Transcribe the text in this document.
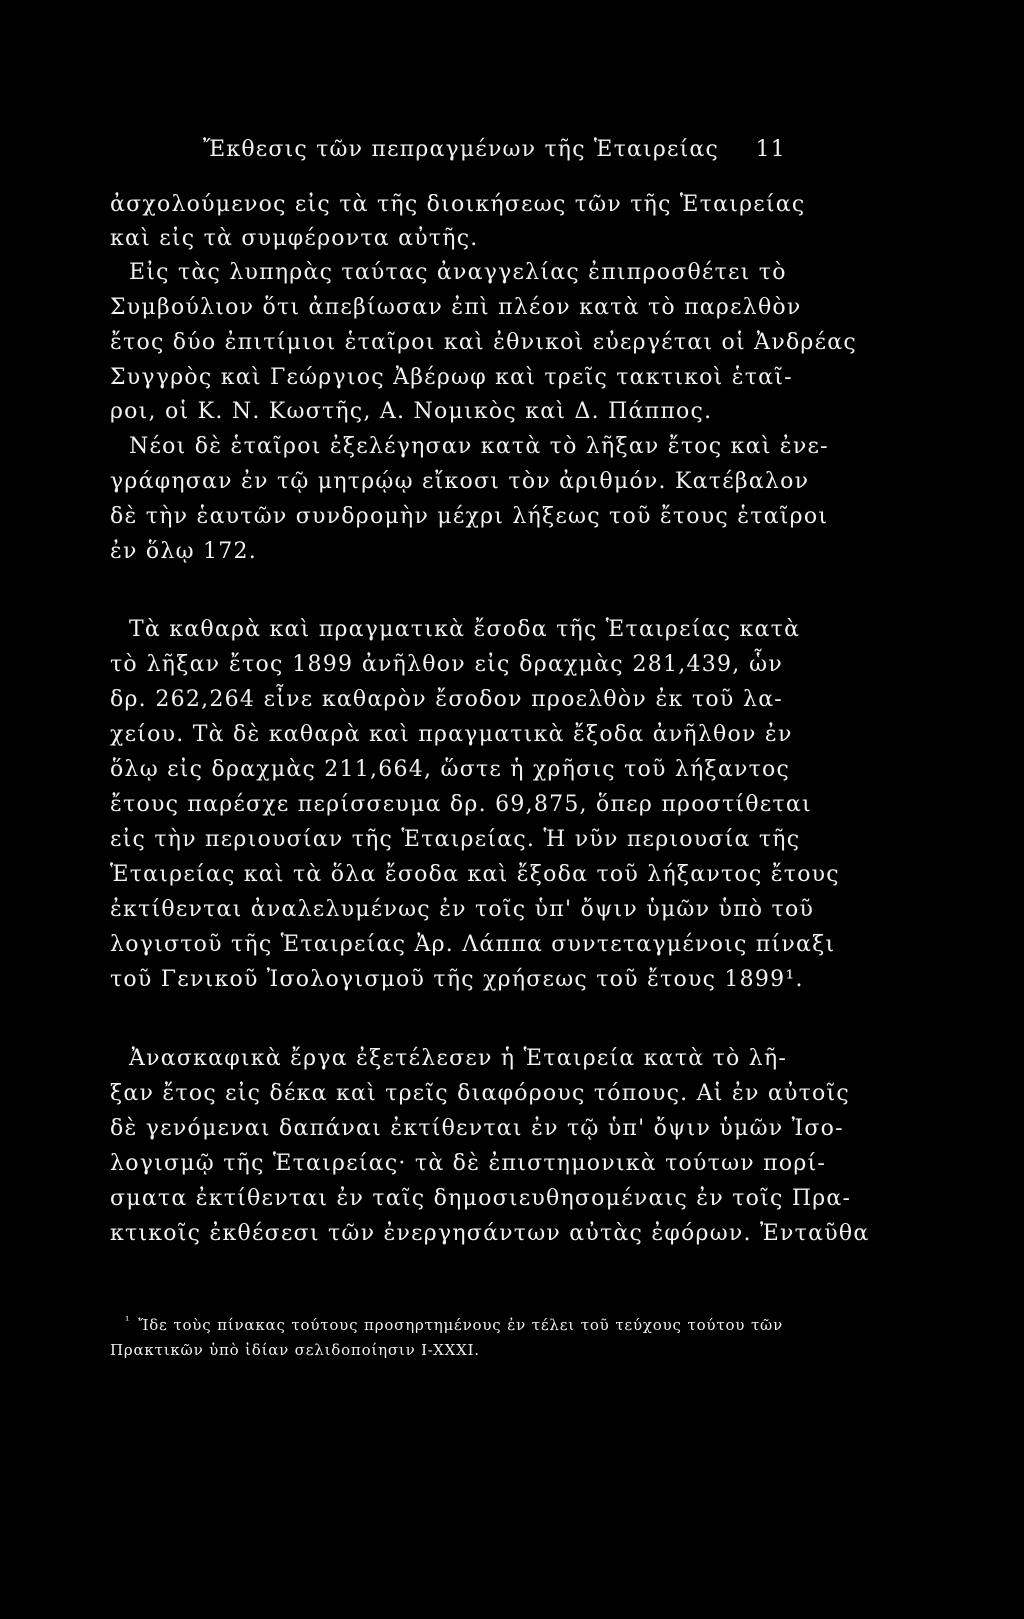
Ἔκθεσις τῶν πεπραγμένων τῆς Ἑταιρείας 11
ἀσχολούμενος εἰς τὰ τῆς διοικήσεως τῶν τῆς Ἑταιρείας
καὶ εἰς τὰ συμφέροντα αὐτῆς.
Εἰς τὰς λυπηρὰς ταύτας ἀναγγελίας ἐπιπροσθέτει τὸ
Συμβούλιον ὅτι ἀπεβίωσαν ἐπὶ πλέον κατὰ τὸ παρελθὸν
ἔτος δύο ἐπιτίμιοι ἑταῖροι καὶ ἐθνικοὶ εὐεργέται οἱ Ἀνδρέας
Συγγρὸς καὶ Γεώργιος Ἀβέρωφ καὶ τρεῖς τακτικοὶ ἑταῖ-
ροι, οἱ Κ. Ν. Κωστῆς, Α. Νομικὸς καὶ Δ. Πάππος.
Νέοι δὲ ἑταῖροι ἐξελέγησαν κατὰ τὸ λῆξαν ἔτος καὶ ἐνε-
γράφησαν ἐν τῷ μητρῴῳ εἴκοσι τὸν ἀριθμόν. Κατέβαλον
δὲ τὴν ἑαυτῶν συνδρομὴν μέχρι λήξεως τοῦ ἔτους ἑταῖροι
ἐν ὅλῳ 172.
Τὰ καθαρὰ καὶ πραγματικὰ ἔσοδα τῆς Ἑταιρείας κατὰ
τὸ λῆξαν ἔτος 1899 ἀνῆλθον εἰς δραχμὰς 281,439, ὧν
δρ. 262,264 εἶνε καθαρὸν ἔσοδον προελθὸν ἐκ τοῦ λα-
χείου. Τὰ δὲ καθαρὰ καὶ πραγματικὰ ἔξοδα ἀνῆλθον ἐν
ὅλῳ εἰς δραχμὰς 211,664, ὥστε ἡ χρῆσις τοῦ λήξαντος
ἔτους παρέσχε περίσσευμα δρ. 69,875, ὅπερ προστίθεται
εἰς τὴν περιουσίαν τῆς Ἑταιρείας. Ἡ νῦν περιουσία τῆς
Ἑταιρείας καὶ τὰ ὅλα ἔσοδα καὶ ἔξοδα τοῦ λήξαντος ἔτους
ἐκτίθενται ἀναλελυμένως ἐν τοῖς ὑπ' ὄψιν ὑμῶν ὑπὸ τοῦ
λογιστοῦ τῆς Ἑταιρείας Ἀρ. Λάππα συντεταγμένοις πίναξι
τοῦ Γενικοῦ Ἰσολογισμοῦ τῆς χρήσεως τοῦ ἔτους 1899¹.
Ἀνασκαφικὰ ἔργα ἐξετέλεσεν ἡ Ἑταιρεία κατὰ τὸ λῆ-
ξαν ἔτος εἰς δέκα καὶ τρεῖς διαφόρους τόπους. Αἱ ἐν αὐτοῖς
δὲ γενόμεναι δαπάναι ἐκτίθενται ἐν τῷ ὑπ' ὄψιν ὑμῶν Ἰσο-
λογισμῷ τῆς Ἑταιρείας· τὰ δὲ ἐπιστημονικὰ τούτων πορί-
σματα ἐκτίθενται ἐν ταῖς δημοσιευθησομέναις ἐν τοῖς Πρα-
κτικοῖς ἐκθέσεσι τῶν ἐνεργησάντων αὐτὰς ἐφόρων. Ἐνταῦθα
$^{^1}$ Ἴδε τοὺς πίνακας τούτους προσηρτημένους ἐν τέλει τοῦ τεύχους τούτου τῶν
Πρακτικῶν ὑπὸ ἰδίαν σελιδοποίησιν I-XXXI.
